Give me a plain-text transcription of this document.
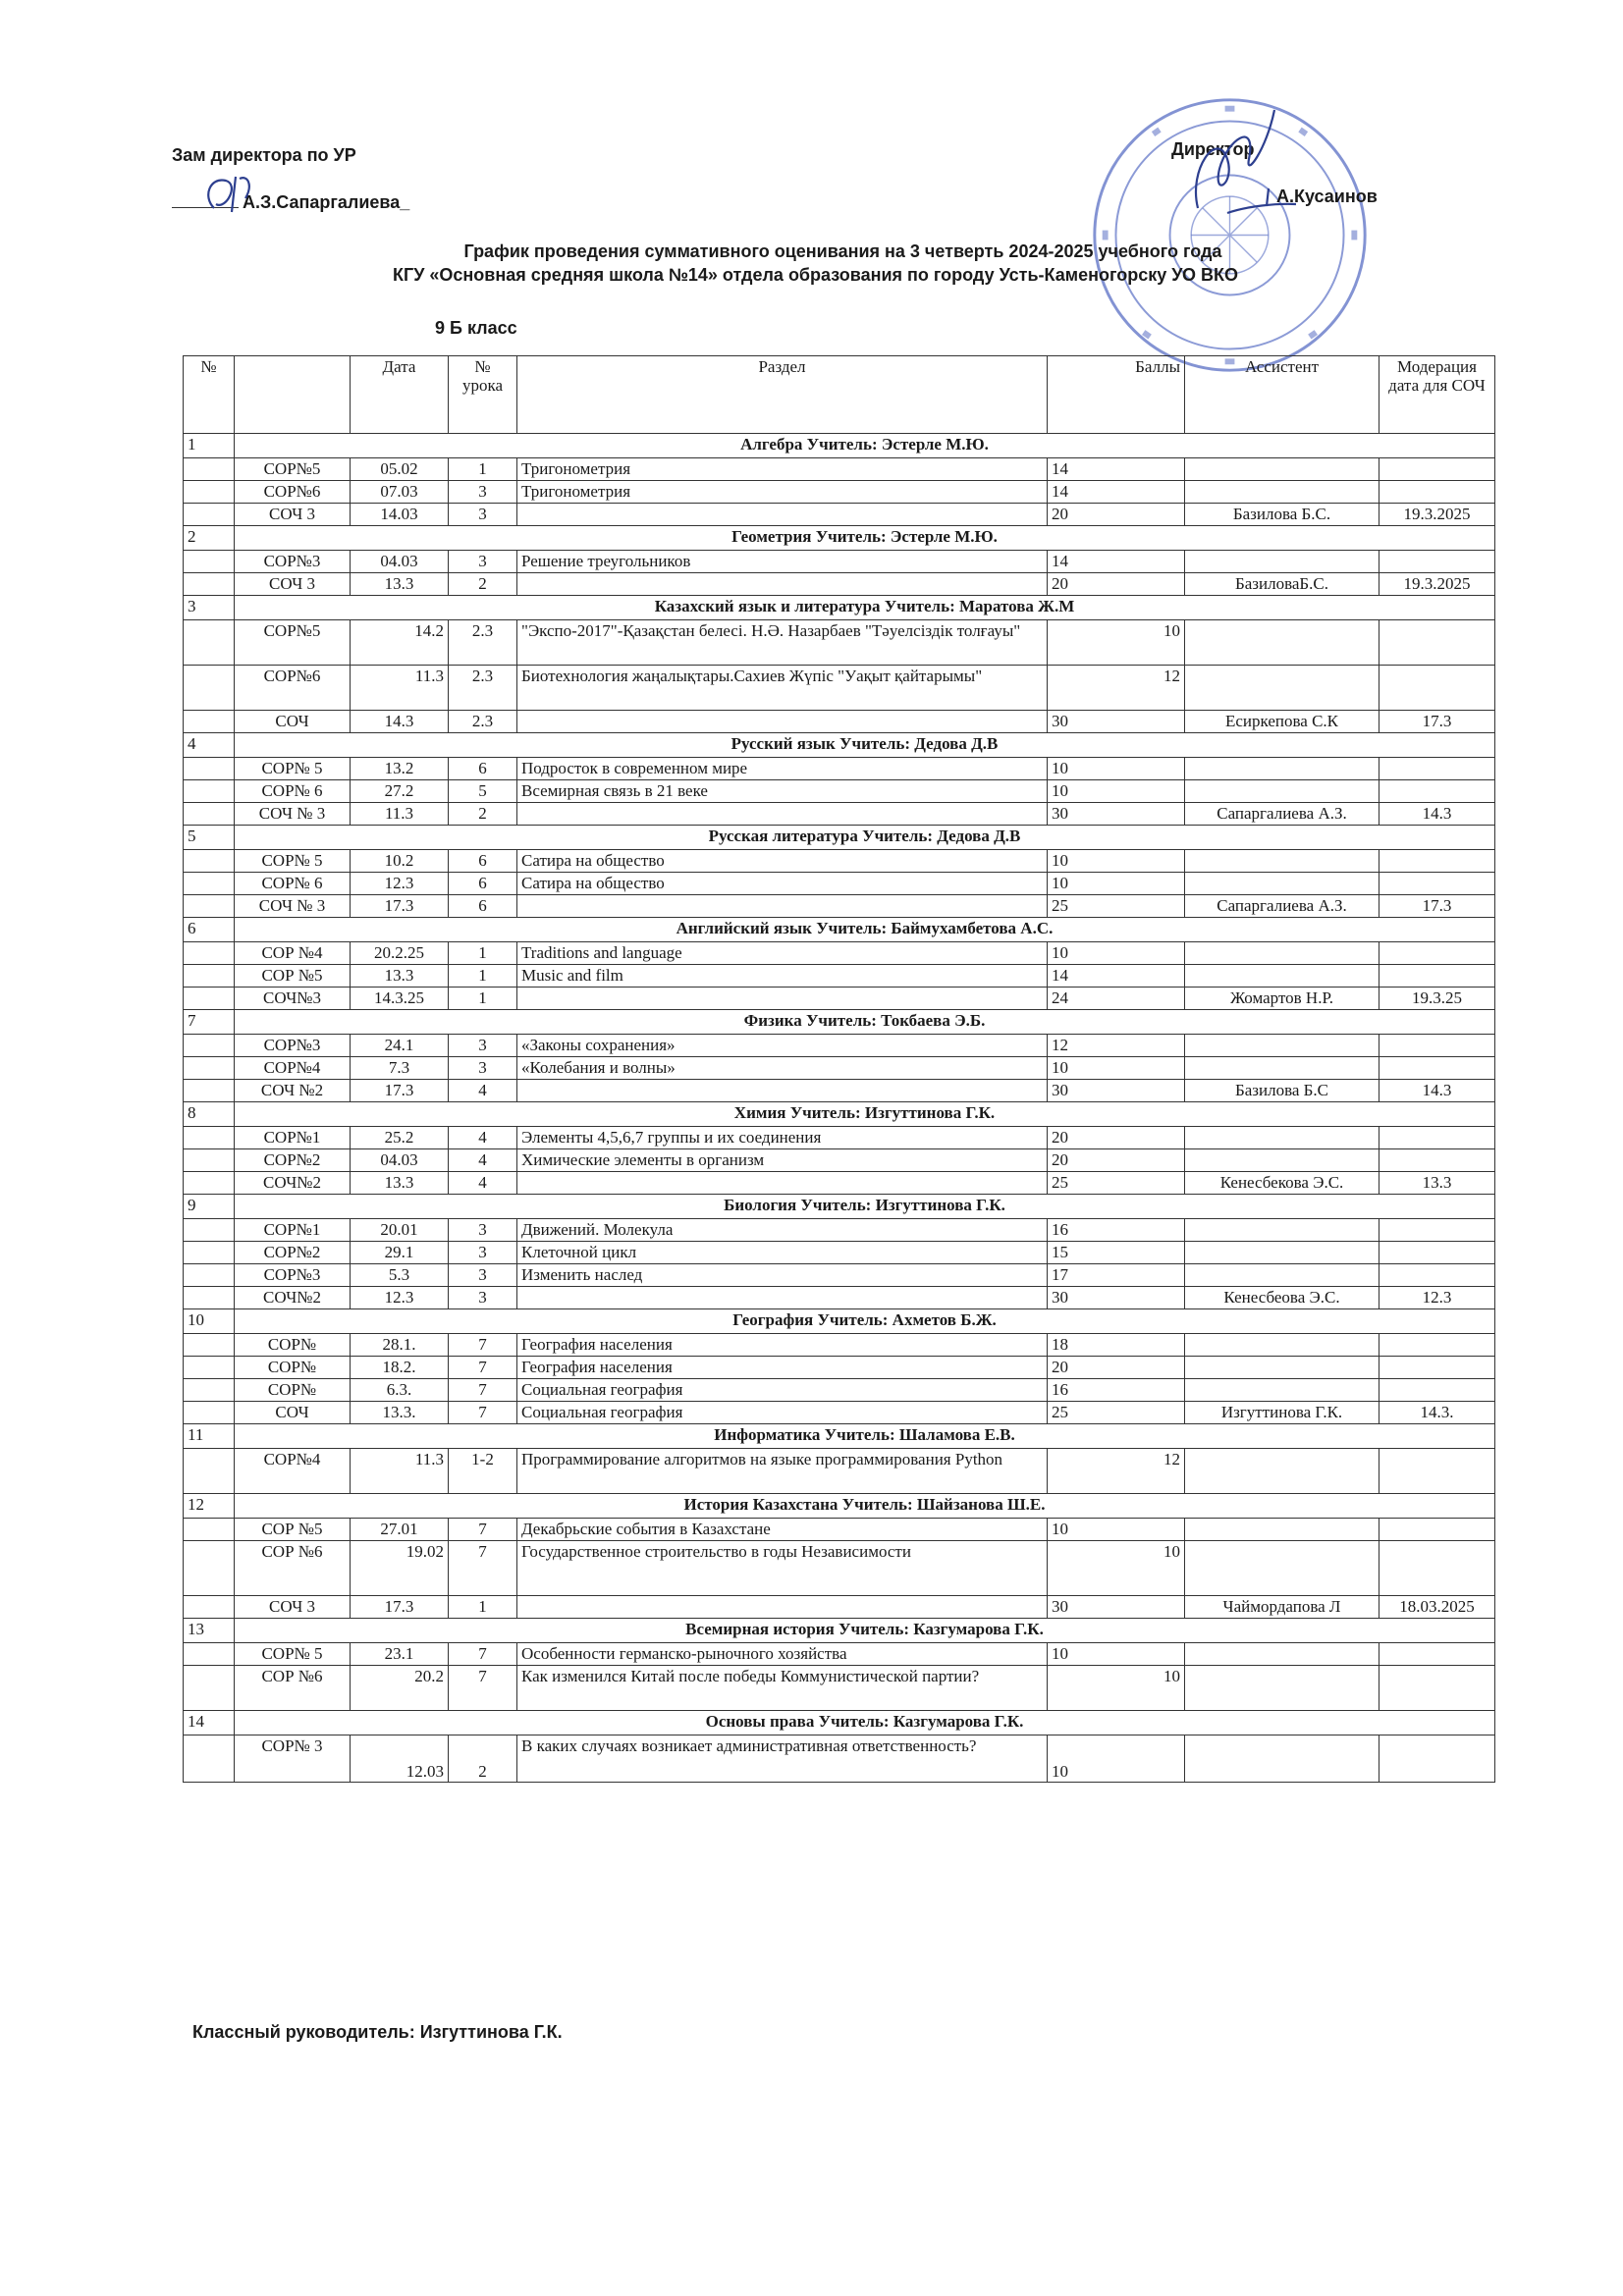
Зам директора по УР
А.З.Сапаргалиева_
Директор
А.Кусаинов
График проведения суммативного оценивания на 3 четверть 2024-2025 учебного года
КГУ «Основная средняя школа №14» отдела образования по городу Усть-Каменогорску УО ВКО
9 Б класс
№		Дата	№ урока	Раздел	Баллы	Ассистент	Модерация дата для СОЧ
1	Алгебра Учитель: Эстерле М.Ю.						
	СОР№5	05.02	1	Тригонометрия	14		
	СОР№6	07.03	3	Тригонометрия	14		
	СОЧ 3	14.03	3		20	Базилова Б.С.	19.3.2025
2	Геометрия Учитель: Эстерле М.Ю.						
	СОР№3	04.03	3	Решение треугольников	14		
	СОЧ 3	13.3	2		20	БазиловаБ.С.	19.3.2025
3	Казахский язык и литература Учитель: Маратова Ж.М						
	СОР№5	14.2	2.3	"Экспо-2017"-Қазақстан белесі. Н.Ә. Назарбаев "Тәуелсіздік толғауы"	10		
	СОР№6	11.3	2.3	Биотехнология жаңалықтары.Сахиев Жүпіс "Уақыт қайтарымы"	12		
	СОЧ	14.3	2.3		30	Есиркепова С.К	17.3
4	Русский язык Учитель: Дедова Д.В						
	СОР№ 5	13.2	6	Подросток в современном мире	10		
	СОР№ 6	27.2	5	Всемирная связь в 21 веке	10		
	СОЧ № 3	11.3	2		30	Сапаргалиева А.З.	14.3
5	Русская литература Учитель: Дедова Д.В						
	СОР№ 5	10.2	6	Сатира на общество	10		
	СОР№ 6	12.3	6	Сатира на общество	10		
	СОЧ № 3	17.3	6		25	Сапаргалиева А.З.	17.3
6	Английский язык Учитель: Баймухамбетова А.С.						
	СОР №4	20.2.25	1	Traditions and language	10		
	СОР №5	13.3	1	Music and film	14		
	СОЧ№3	14.3.25	1		24	Жомартов Н.Р.	19.3.25
7	Физика Учитель: Токбаева Э.Б.						
	СОР№3	24.1	3	«Законы сохранения»	12		
	СОР№4	7.3	3	«Колебания и волны»	10		
	СОЧ №2	17.3	4		30	Базилова Б.С	14.3
8	Химия Учитель: Изгуттинова Г.К.						
	СОР№1	25.2	4	Элементы 4,5,6,7 группы и их соединения	20		
	СОР№2	04.03	4	Химические элементы в организм	20		
	СОЧ№2	13.3	4		25	Кенесбекова Э.С.	13.3
9	Биология Учитель: Изгуттинова Г.К.						
	СОР№1	20.01	3	Движений. Молекула	16		
	СОР№2	29.1	3	Клеточной цикл	15		
	СОР№3	5.3	3	Изменить наслед	17		
	СОЧ№2	12.3	3		30	Кенесбеова Э.С.	12.3
10	География Учитель: Ахметов Б.Ж.						
	СОР№	28.1.	7	География населения	18		
	СОР№	18.2.	7	География населения	20		
	СОР№	6.3.	7	Социальная география	16		
	СОЧ	13.3.	7	Социальная география	25	Изгуттинова Г.К.	14.3.
11	Информатика Учитель: Шаламова Е.В.						
	СОР№4	11.3	1-2	Программирование алгоритмов на языке программирования Python	12		
12	История Казахстана Учитель: Шайзанова Ш.Е.						
	СОР №5	27.01	7	Декабрьские события в Казахстане	10		
	СОР №6	19.02	7	Государственное строительство в годы Независимости	10		
	СОЧ 3	17.3	1		30	Чаймордапова Л	18.03.2025
13	Всемирная история Учитель: Казгумарова Г.К.						
	СОР№ 5	23.1	7	Особенности германско-рыночного хозяйства	10		
	СОР №6	20.2	7	Как изменился Китай после победы Коммунистической партии?	10		
14	Основы права Учитель: Казгумарова Г.К.						
	СОР№ 3	12.03	2	В каких случаях возникает административная ответственность?	10		
Классный руководитель: Изгуттинова Г.К.
